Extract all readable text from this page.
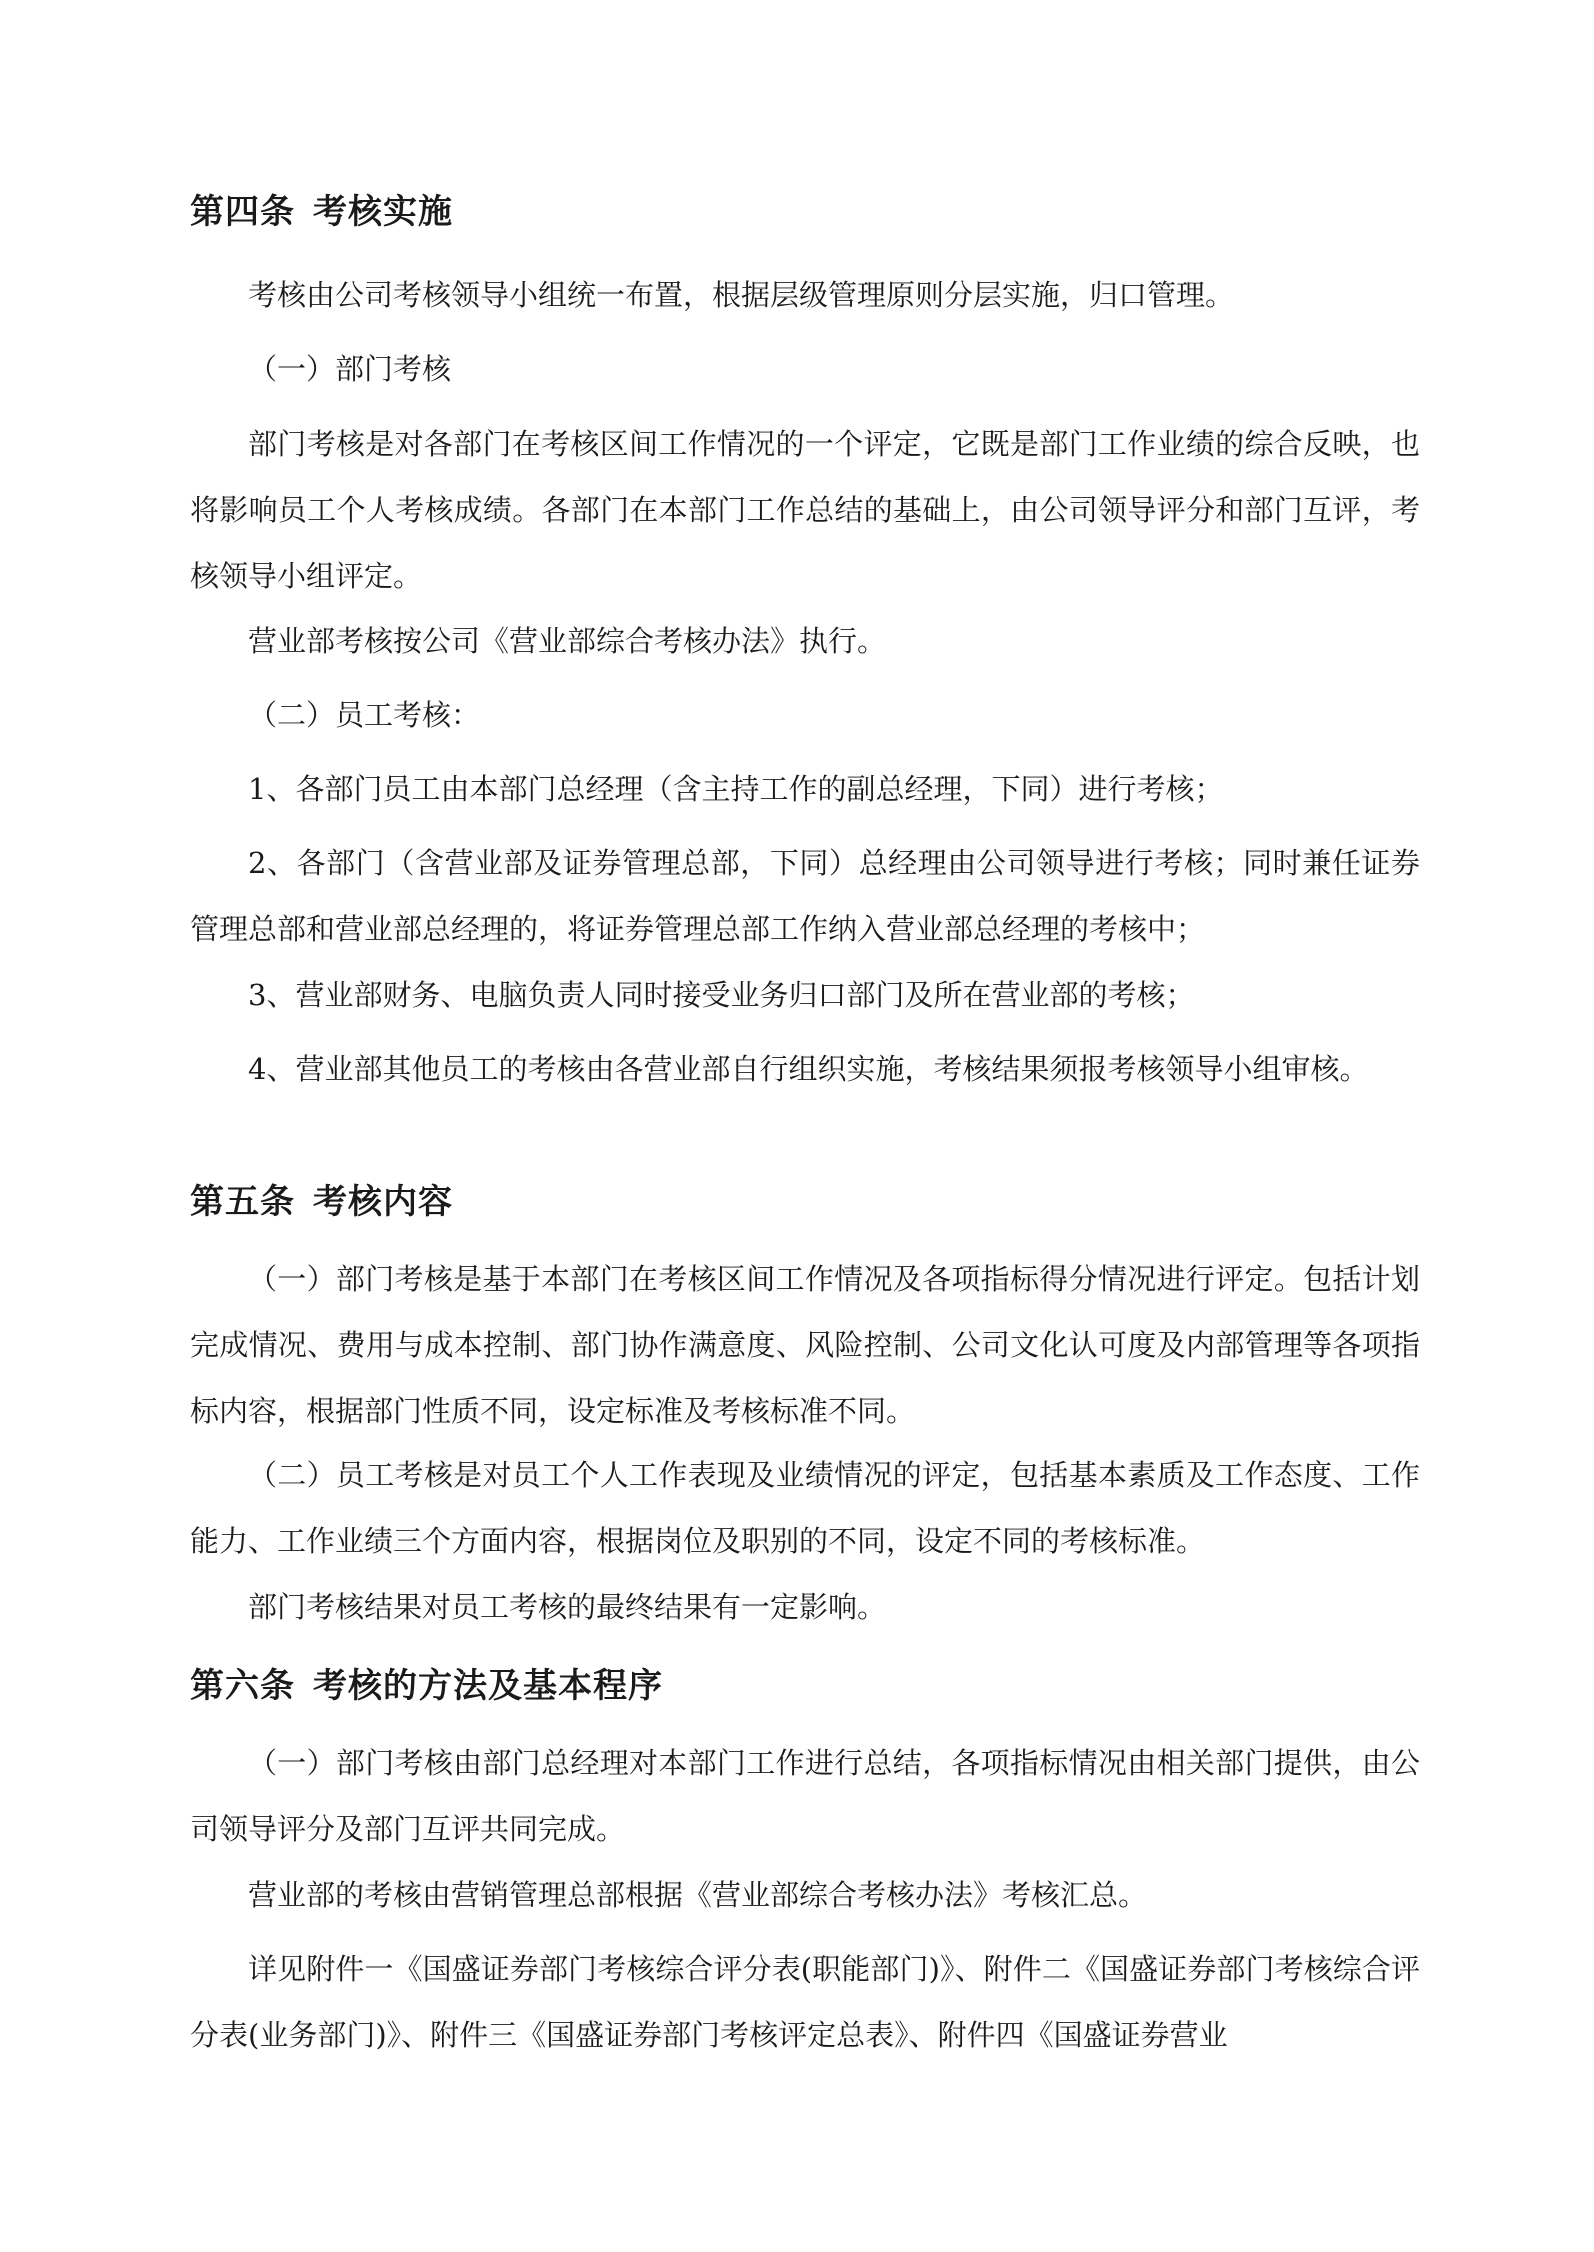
第四条 考核实施

考核由公司考核领导小组统一布置，根据层级管理原则分层实施，归口管理。

（一）部门考核

部门考核是对各部门在考核区间工作情况的一个评定，它既是部门工作业绩的综合反映，也将影响员工个人考核成绩。各部门在本部门工作总结的基础上，由公司领导评分和部门互评，考核领导小组评定。

营业部考核按公司《营业部综合考核办法》执行。

（二）员工考核：

1、各部门员工由本部门总经理（含主持工作的副总经理，下同）进行考核；

2、各部门（含营业部及证券管理总部，下同）总经理由公司领导进行考核；同时兼任证券管理总部和营业部总经理的，将证券管理总部工作纳入营业部总经理的考核中；

3、营业部财务、电脑负责人同时接受业务归口部门及所在营业部的考核；

4、营业部其他员工的考核由各营业部自行组织实施，考核结果须报考核领导小组审核。

第五条 考核内容

（一）部门考核是基于本部门在考核区间工作情况及各项指标得分情况进行评定。包括计划完成情况、费用与成本控制、部门协作满意度、风险控制、公司文化认可度及内部管理等各项指标内容，根据部门性质不同，设定标准及考核标准不同。

（二）员工考核是对员工个人工作表现及业绩情况的评定，包括基本素质及工作态度、工作能力、工作业绩三个方面内容，根据岗位及职别的不同，设定不同的考核标准。

部门考核结果对员工考核的最终结果有一定影响。

第六条 考核的方法及基本程序

（一）部门考核由部门总经理对本部门工作进行总结，各项指标情况由相关部门提供，由公司领导评分及部门互评共同完成。

营业部的考核由营销管理总部根据《营业部综合考核办法》考核汇总。

详见附件一《国盛证券部门考核综合评分表(职能部门)》、附件二《国盛证券部门考核综合评分表(业务部门)》、附件三《国盛证券部门考核评定总表》、附件四《国盛证券营业
